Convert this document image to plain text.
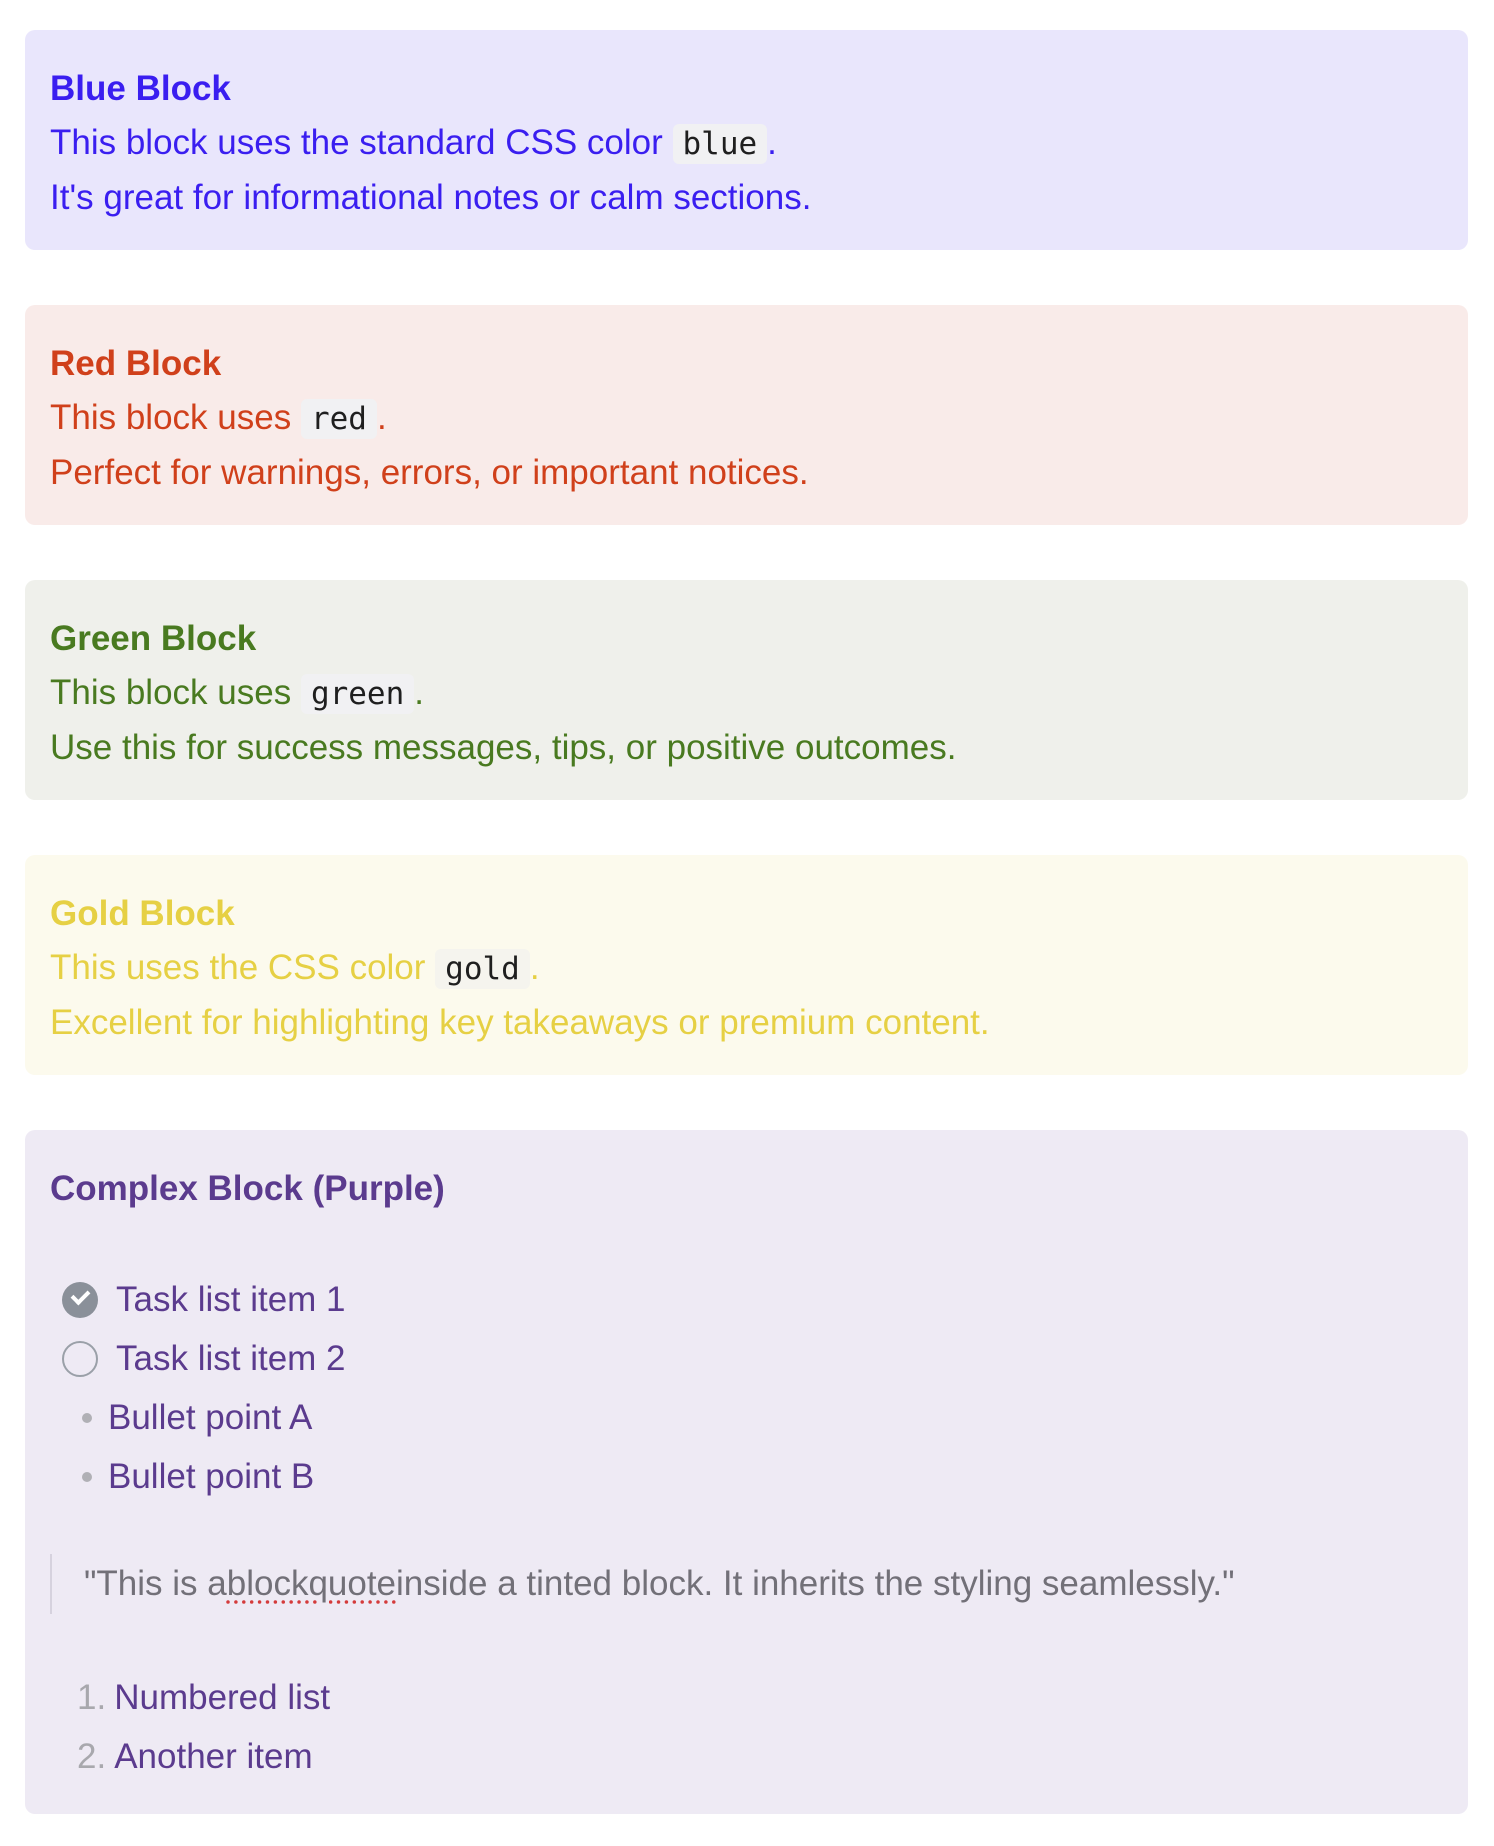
Blue Block
This block uses the standard CSS color blue .
It's great for informational notes or calm sections.
Red Block
This block uses red .
Perfect for warnings, errors, or important notices.
Green Block
This block uses green .
Use this for success messages, tips, or positive outcomes.
Gold Block
This uses the CSS color gold .
Excellent for highlighting key takeaways or premium content.
Complex Block (Purple)
Task list item 1
Task list item 2
Bullet point A
Bullet point B
"This is a blockquote inside a tinted block. It inherits the styling seamlessly."
1. Numbered list
2. Another item
